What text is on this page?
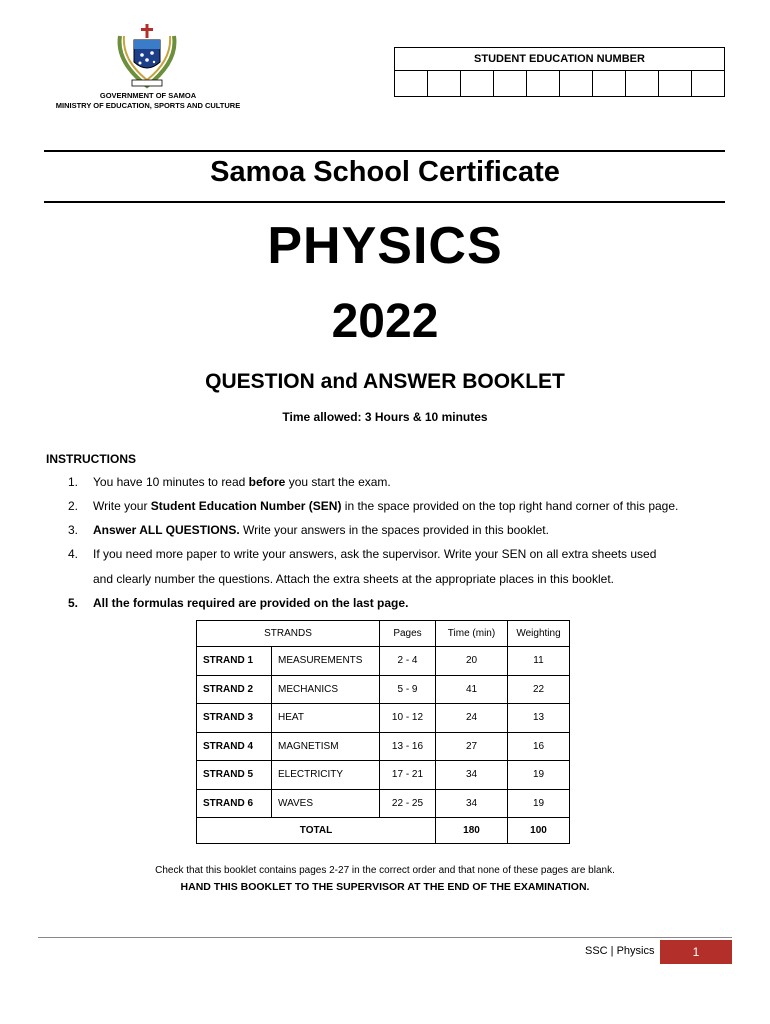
GOVERNMENT OF SAMOA
MINISTRY OF EDUCATION, SPORTS AND CULTURE
STUDENT EDUCATION NUMBER
Samoa School Certificate
PHYSICS
2022
QUESTION and ANSWER BOOKLET
Time allowed: 3 Hours & 10 minutes
INSTRUCTIONS
1.	You have 10 minutes to read before you start the exam.
2.	Write your Student Education Number (SEN) in the space provided on the top right hand corner of this page.
3.	Answer ALL QUESTIONS. Write your answers in the spaces provided in this booklet.
4.	If you need more paper to write your answers, ask the supervisor. Write your SEN on all extra sheets used
and clearly number the questions. Attach the extra sheets at the appropriate places in this booklet.
5.	All the formulas required are provided on the last page.
STRANDS		Pages	Time (min)	Weighting
STRAND 1	MEASUREMENTS	2 - 4	20	11
STRAND 2	MECHANICS	5 - 9	41	22
STRAND 3	HEAT	10 - 12	24	13
STRAND 4	MAGNETISM	13 - 16	27	16
STRAND 5	ELECTRICITY	17 - 21	34	19
STRAND 6	WAVES	22 - 25	34	19
TOTAL			180	100
Check that this booklet contains pages 2-27 in the correct order and that none of these pages are blank.
HAND THIS BOOKLET TO THE SUPERVISOR AT THE END OF THE EXAMINATION.
SSC | Physics	1
